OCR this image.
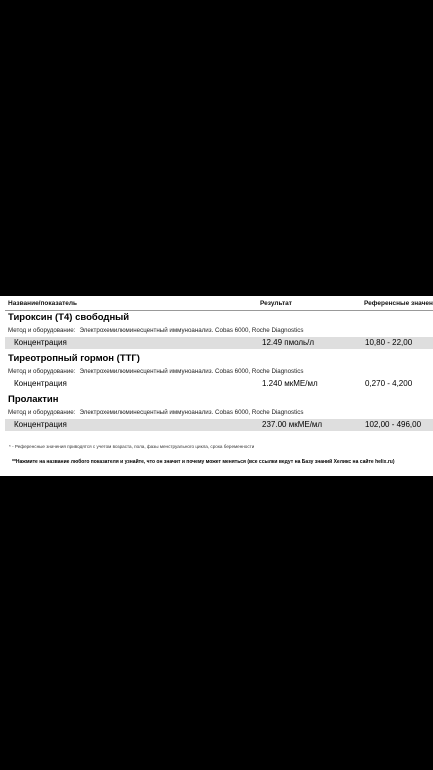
Название/показатель	Результат	Референсные значен
Тироксин (Т4) свободный
Метод и оборудование: Электрохемилюминесцентный иммуноанализ. Cobas 6000, Roche Diagnostics
Концентрация	12.49 пмоль/л	10,80 - 22,00
Тиреотропный гормон (ТТГ)
Метод и оборудование: Электрохемилюминесцентный иммуноанализ. Cobas 6000, Roche Diagnostics
Концентрация	1.240 мкМЕ/мл	0,270 - 4,200
Пролактин
Метод и оборудование: Электрохемилюминесцентный иммуноанализ. Cobas 6000, Roche Diagnostics
Концентрация	237.00 мкМЕ/мл	102,00 - 496,00
* - Референсные значения приводятся с учетом возраста, пола, фазы менструального цикла, срока беременности
**Нажмите на название любого показателя и узнайте, что он значит и почему может меняться (все ссылки ведут на Базу знаний Хеликс на сайте helix.ru)
